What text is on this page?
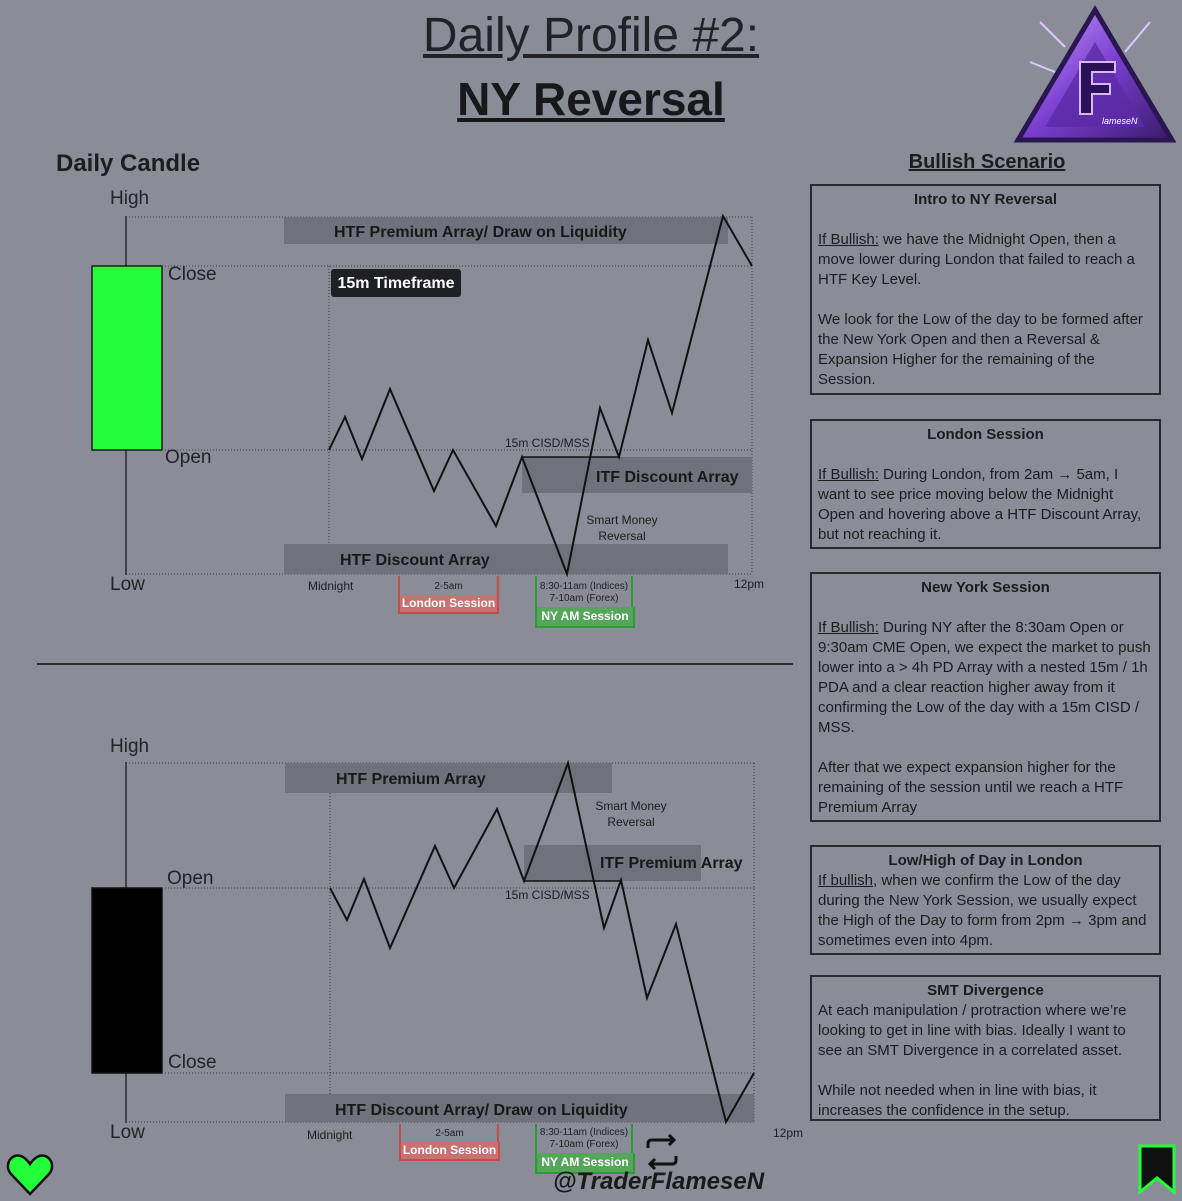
Daily Profile #2:
NY Reversal	lameseN
Daily Candle
High
Close
Open
Low
HTF Premium Array/ Draw on Liquidity
15m Timeframe
15m CISD/MSS
ITF Discount Array
Smart Money
Reversal
HTF Discount Array
Midnight	12pm
2-5am
London Session
8:30-11am (Indices)
7-10am (Forex)
NY AM Session
High
Open
Close
Low
HTF Premium Array
Smart Money
Reversal
ITF Premium Array
15m CISD/MSS
HTF Discount Array/ Draw on Liquidity
Midnight	12pm
2-5am
London Session
8:30-11am (Indices)
7-10am (Forex)
NY AM Session
Bullish Scenario
Intro to NY Reversal
If Bullish: we have the Midnight Open, then a move lower during London that failed to reach a HTF Key Level.
We look for the Low of the day to be formed after the New York Open and then a Reversal & Expansion Higher for the remaining of the Session.
London Session
If Bullish: During London, from 2am → 5am, I want to see price moving below the Midnight Open and hovering above a HTF Discount Array, but not reaching it.
New York Session
If Bullish: During NY after the 8:30am Open or 9:30am CME Open, we expect the market to push lower into a > 4h PD Array with a nested 15m / 1h PDA and a clear reaction higher away from it confirming the Low of the day with a 15m CISD / MSS.
After that we expect expansion higher for the remaining of the session until we reach a HTF Premium Array
Low/High of Day in London
If bullish, when we confirm the Low of the day during the New York Session, we usually expect the High of the Day to form from 2pm → 3pm and sometimes even into 4pm.
SMT Divergence
At each manipulation / protraction where we’re looking to get in line with bias. Ideally I want to see an SMT Divergence in a correlated asset.
While not needed when in line with bias, it increases the confidence in the setup.
@TraderFlameseN
